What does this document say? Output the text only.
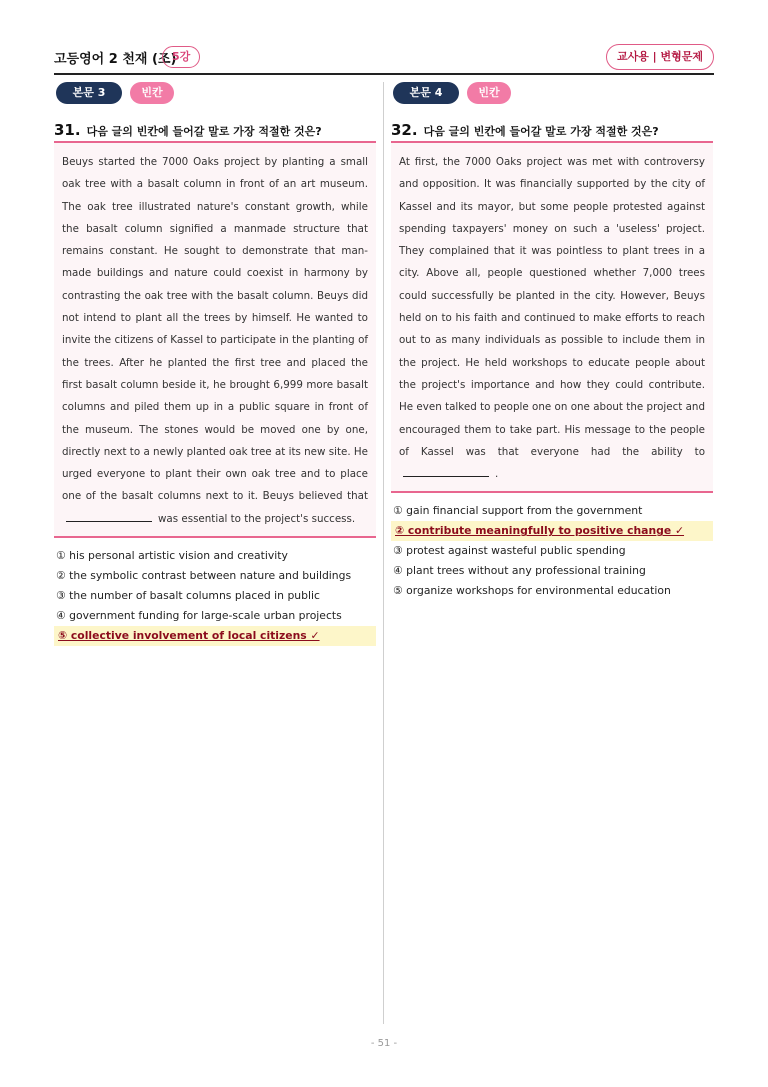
고등영어 2 천재 (조)
5강	교사용 | 변형문제
본문 3	빈칸
31. 다음 글의 빈칸에 들어갈 말로 가장 적절한 것은?
Beuys started the 7000 Oaks project by planting a small oak tree with a basalt column in front of an art museum. The oak tree illustrated nature's constant growth, while the basalt column signified a manmade structure that remains constant. He sought to demonstrate that man-made buildings and nature could coexist in harmony by contrasting the oak tree with the basalt column. Beuys did not intend to plant all the trees by himself. He wanted to invite the citizens of Kassel to participate in the planting of the trees. After he planted the first tree and placed the first basalt column beside it, he brought 6,999 more basalt columns and piled them up in a public square in front of the museum. The stones would be moved one by one, directly next to a newly planted oak tree at its new site. He urged everyone to plant their own oak tree and to place one of the basalt columns next to it. Beuys believed that was essential to the project's success.
① his personal artistic vision and creativity
② the symbolic contrast between nature and buildings
③ the number of basalt columns placed in public
④ government funding for large-scale urban projects
⑤ collective involvement of local citizens ✓
본문 4	빈칸
32. 다음 글의 빈칸에 들어갈 말로 가장 적절한 것은?
At first, the 7000 Oaks project was met with controversy and opposition. It was financially supported by the city of Kassel and its mayor, but some people protested against spending taxpayers' money on such a 'useless' project. They complained that it was pointless to plant trees in a city. Above all, people questioned whether 7,000 trees could successfully be planted in the city. However, Beuys held on to his faith and continued to make efforts to reach out to as many individuals as possible to include them in the project. He held workshops to educate people about the project's importance and how they could contribute. He even talked to people one on one about the project and encouraged them to take part. His message to the people of Kassel was that everyone had the ability to .
① gain financial support from the government
② contribute meaningfully to positive change ✓
③ protest against wasteful public spending
④ plant trees without any professional training
⑤ organize workshops for environmental education
- 51 -
